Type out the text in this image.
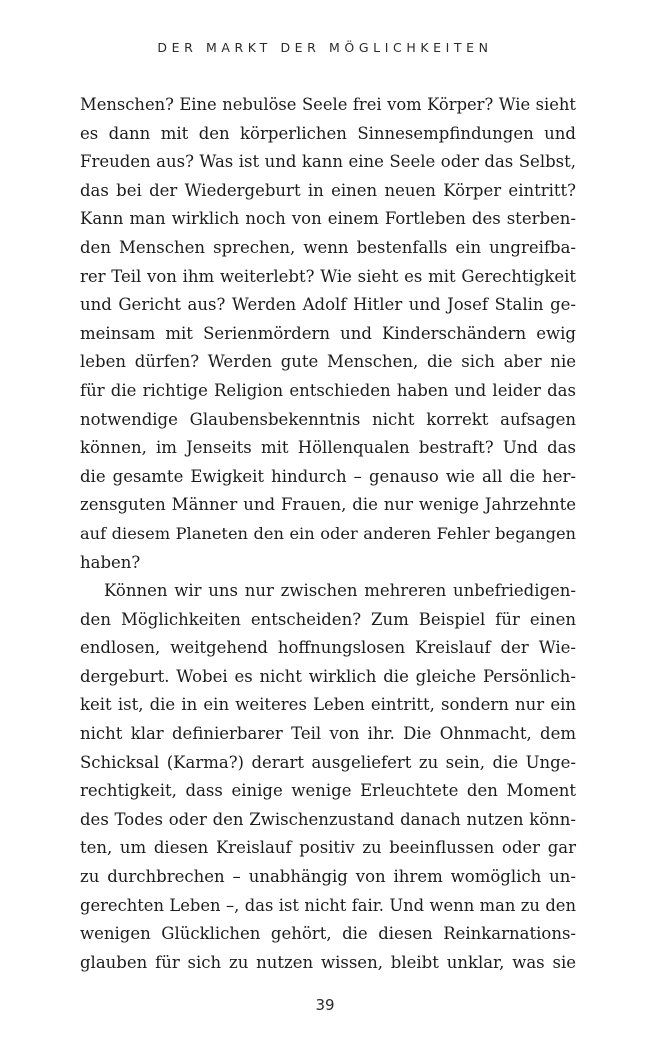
DER MARKT DER MÖGLICHKEITEN
Menschen? Eine nebulöse Seele frei vom Körper? Wie sieht
es dann mit den körperlichen Sinnesempfindungen und
Freuden aus? Was ist und kann eine Seele oder das Selbst,
das bei der Wiedergeburt in einen neuen Körper eintritt?
Kann man wirklich noch von einem Fortleben des sterben-
den Menschen sprechen, wenn bestenfalls ein ungreifba-
rer Teil von ihm weiterlebt? Wie sieht es mit Gerechtigkeit
und Gericht aus? Werden Adolf Hitler und Josef Stalin ge-
meinsam mit Serienmördern und Kinderschändern ewig
leben dürfen? Werden gute Menschen, die sich aber nie
für die richtige Religion entschieden haben und leider das
notwendige Glaubensbekenntnis nicht korrekt aufsagen
können, im Jenseits mit Höllenqualen bestraft? Und das
die gesamte Ewigkeit hindurch – genauso wie all die her-
zensguten Männer und Frauen, die nur wenige Jahrzehnte
auf diesem Planeten den ein oder anderen Fehler begangen
haben?
Können wir uns nur zwischen mehreren unbefriedigen-
den Möglichkeiten entscheiden? Zum Beispiel für einen
endlosen, weitgehend hoffnungslosen Kreislauf der Wie-
dergeburt. Wobei es nicht wirklich die gleiche Persönlich-
keit ist, die in ein weiteres Leben eintritt, sondern nur ein
nicht klar definierbarer Teil von ihr. Die Ohnmacht, dem
Schicksal (Karma?) derart ausgeliefert zu sein, die Unge-
rechtigkeit, dass einige wenige Erleuchtete den Moment
des Todes oder den Zwischenzustand danach nutzen könn-
ten, um diesen Kreislauf positiv zu beeinflussen oder gar
zu durchbrechen – unabhängig von ihrem womöglich un-
gerechten Leben –, das ist nicht fair. Und wenn man zu den
wenigen Glücklichen gehört, die diesen Reinkarnations-
glauben für sich zu nutzen wissen, bleibt unklar, was sie
39
